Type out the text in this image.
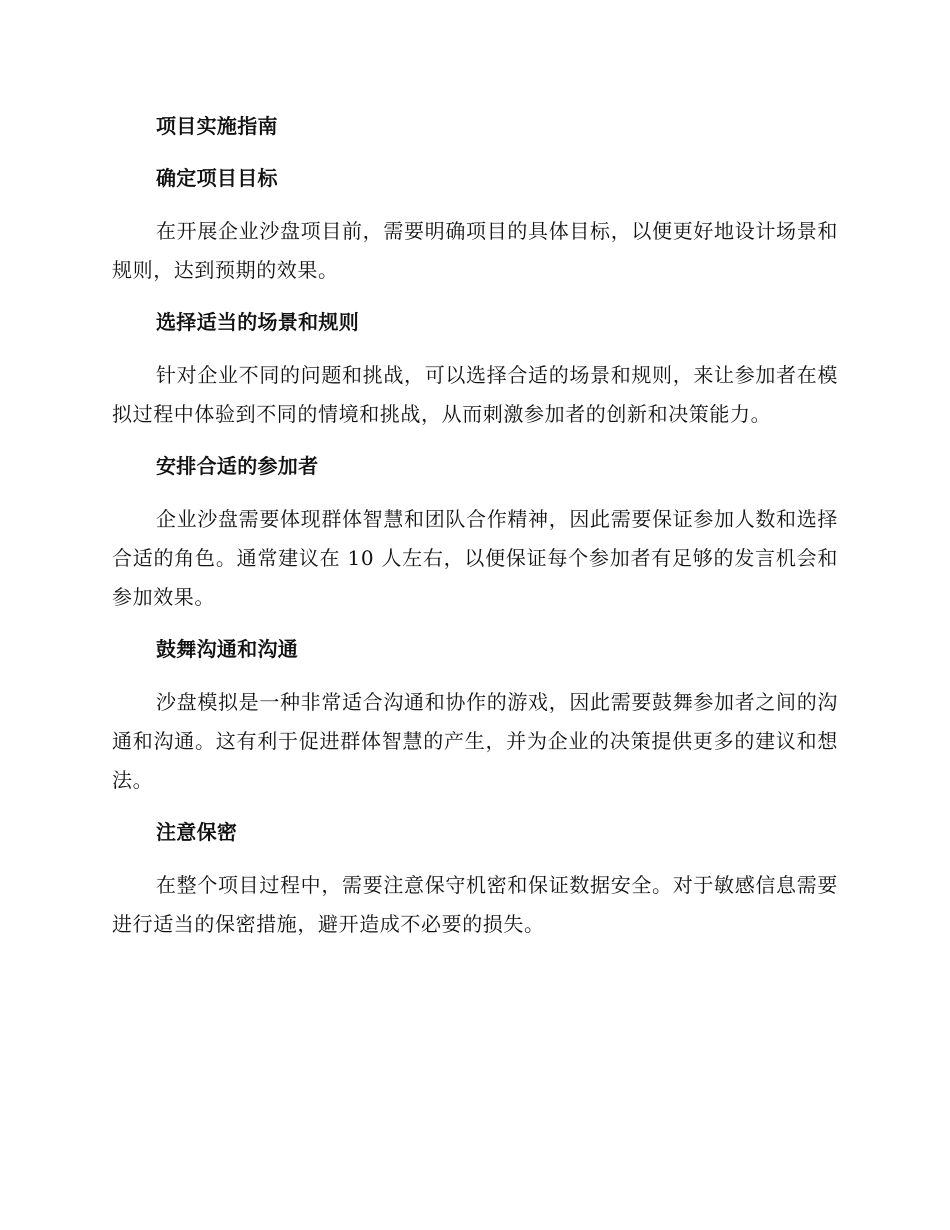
项目实施指南
确定项目目标

在开展企业沙盘项目前，需要明确项目的具体目标，以便更好地设计场景和规则，达到预期的效果。

选择适当的场景和规则

针对企业不同的问题和挑战，可以选择合适的场景和规则，来让参加者在模拟过程中体验到不同的情境和挑战，从而刺激参加者的创新和决策能力。

安排合适的参加者

企业沙盘需要体现群体智慧和团队合作精神，因此需要保证参加人数和选择合适的角色。通常建议在 10 人左右，以便保证每个参加者有足够的发言机会和参加效果。

鼓舞沟通和沟通

沙盘模拟是一种非常适合沟通和协作的游戏，因此需要鼓舞参加者之间的沟通和沟通。这有利于促进群体智慧的产生，并为企业的决策提供更多的建议和想法。

注意保密

在整个项目过程中，需要注意保守机密和保证数据安全。对于敏感信息需要进行适当的保密措施，避开造成不必要的损失。
